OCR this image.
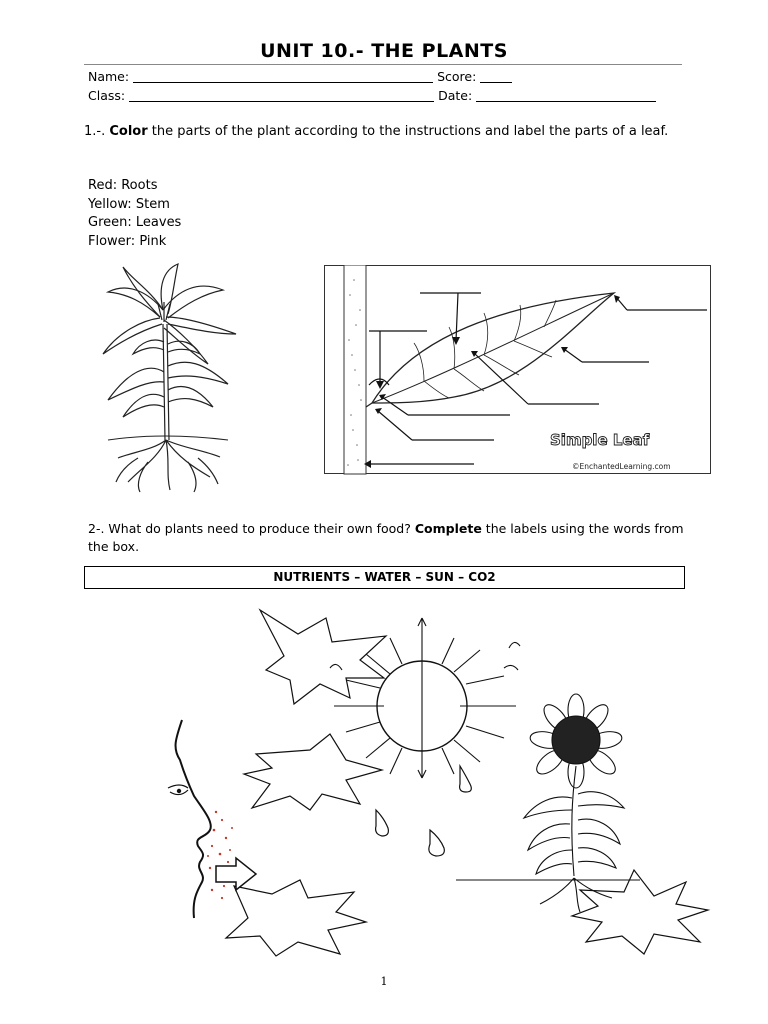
UNIT 10.- THE PLANTS
Name:	Score:
Class:	Date:
1.-. Color the parts of the plant according to the instructions and label the parts of a leaf.
Red: Roots
Yellow: Stem
Green: Leaves
Flower: Pink
Simple Leaf
©EnchantedLearning.com
2-. What do plants need to produce their own food? Complete the labels using the words from the box.
NUTRIENTS – WATER – SUN – CO2
1
